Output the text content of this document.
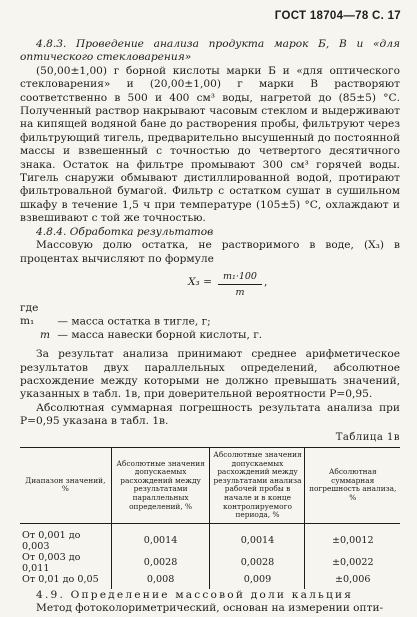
ГОСТ 18704—78 С. 17

4.8.3. Проведение анализа продукта марок Б, В и «для оптического стекловарения»

(50,00±1,00) г борной кислоты марки Б и «для оптического стекловарения» и (20,00±1,00) г марки В растворяют соответственно в 500 и 400 см³ воды, нагретой до (85±5) °С. Полученный раствор накрывают часовым стеклом и выдерживают на кипящей водяной бане до растворения пробы, фильтруют через фильтрующий тигель, предварительно высушенный до постоянной массы и взвешенный с точностью до четвертого десятичного знака. Остаток на фильтре промывают 300 см³ горячей воды. Тигель снаружи обмывают дистиллированной водой, протирают фильтровальной бумагой. Фильтр с остатком сушат в сушильном шкафу в течение 1,5 ч при температуре (105±5) °С, охлаждают и взвешивают с той же точностью.

4.8.4. Обработка результатов

Массовую долю остатка, не растворимого в воде, (X₃) в процентах вычисляют по формуле

$X_3 = \frac{\text{m₁·100}}{m}$ ,

где m₁ — масса остатка в тигле, г;

m — масса навески борной кислоты, г.

За результат анализа принимают среднее арифметическое результатов двух параллельных определений, абсолютное расхождение между которыми не должно превышать значений, указанных в табл. 1в, при доверительной вероятности P=0,95.

Абсолютная суммарная погрешность результата анализа при P=0,95 указана в табл. 1в.

Таблица 1в
Диапазон значений, %	Абсолютные значения допускаемых расхождений между результатами параллельных определений, %	Абсолютные значения допускаемых расхождений между результатами анализа рабочей пробы в начале и в конце контролируемого периода, %	Абсолютная суммарная погрешность анализа, %
От 0,001 до 0,003	0,0014	0,0014	±0,0012
От 0,003 до 0,011	0,0028	0,0028	±0,0022
От 0,01 до 0,05	0,008	0,009	±0,006

4.9. Определение массовой доли кальция

Метод фотоколориметрический, основан на измерении опти-
